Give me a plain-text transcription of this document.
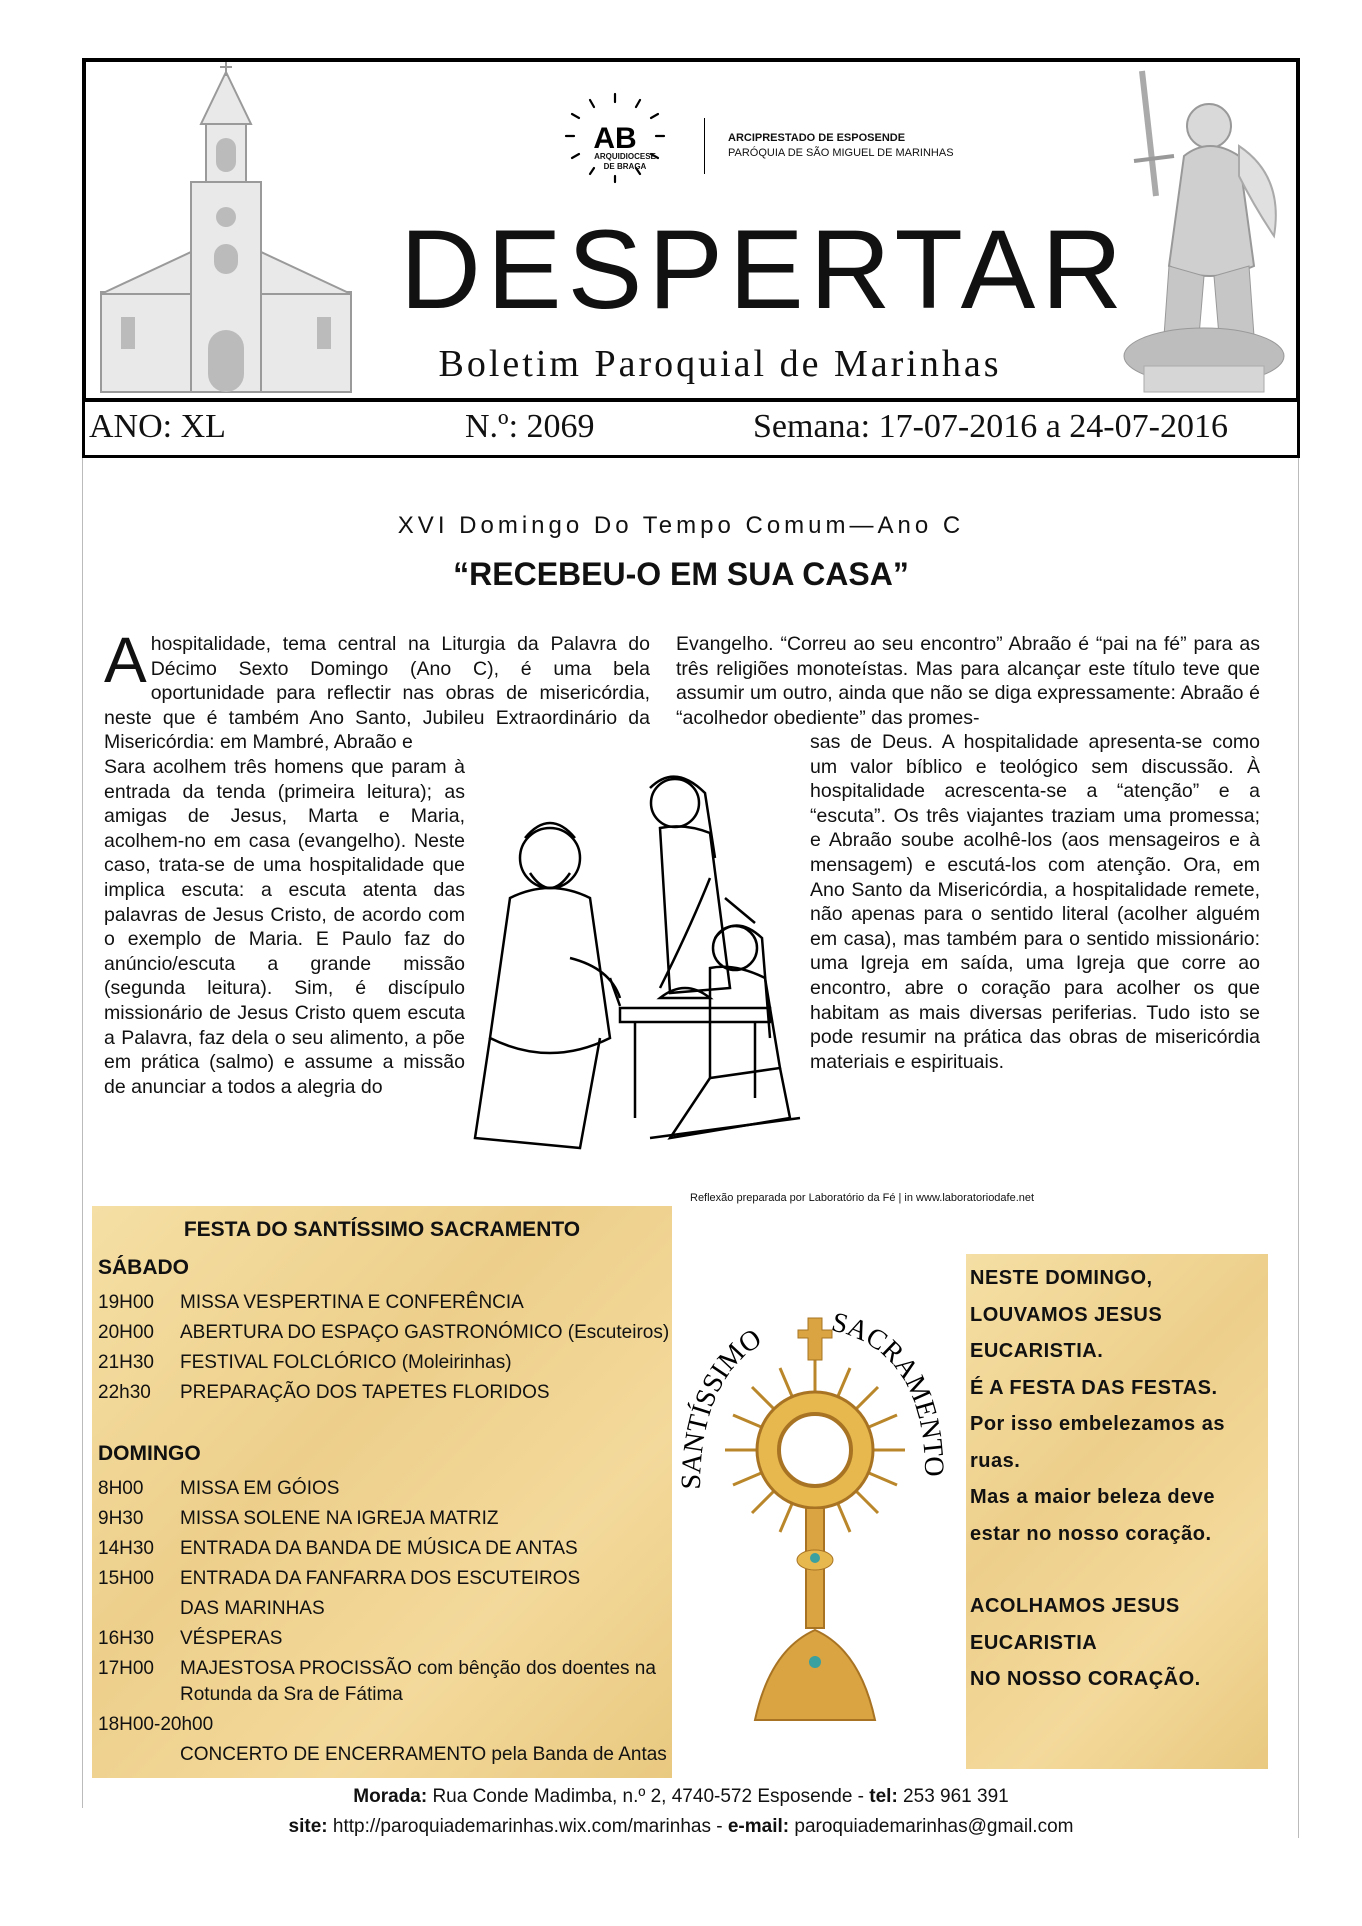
AB
ARQUIDIOCESE
DE BRAGA
ARCIPRESTADO DE ESPOSENDE
PARÓQUIA DE SÃO MIGUEL DE MARINHAS
DESPERTAR
Boletim Paroquial de Marinhas
ANO: XL	N.º: 2069	Semana: 17-07-2016 a 24-07-2016
XVI Domingo Do Tempo Comum—Ano C
“RECEBEU-O EM SUA CASA”

Ahospitalidade, tema central na Liturgia da Palavra do Décimo Sexto Domingo (Ano C), é uma bela oportunidade para reflectir nas obras de misericórdia, neste que é também Ano Santo, Jubileu Extraordinário da Misericórdia: em Mambré, Abraão e

Sara acolhem três homens que param à entrada da tenda (primeira leitura); as amigas de Jesus, Marta e Maria, acolhem-no em casa (evangelho). Neste caso, trata-se de uma hospitalidade que implica escuta: a escuta atenta das palavras de Jesus Cristo, de acordo com o exemplo de Maria. E Paulo faz do anúncio/escuta a grande missão (segunda leitura). Sim, é discípulo missionário de Jesus Cristo quem escuta a Palavra, faz dela o seu alimento, a põe em prática (salmo) e assume a missão de anunciar a todos a alegria do

Evangelho. “Correu ao seu encontro” Abraão é “pai na fé” para as três religiões monoteístas. Mas para alcançar este título teve que assumir um outro, ainda que não se diga expressamente: Abraão é “acolhedor obediente” das promes-

sas de Deus. A hospitalidade apresenta-se como um valor bíblico e teológico sem discussão. À hospitalidade acrescenta-se a “atenção” e a “escuta”. Os três viajantes traziam uma promessa; e Abraão soube acolhê-los (aos mensageiros e à mensagem) e escutá-los com atenção. Ora, em Ano Santo da Misericórdia, a hospitalidade remete, não apenas para o sentido literal (acolher alguém em casa), mas também para o sentido missionário: uma Igreja em saída, uma Igreja que corre ao encontro, abre o coração para acolher os que habitam as mais diversas periferias. Tudo isto se pode resumir na prática das obras de misericórdia materiais e espirituais.

Reflexão preparada por Laboratório da Fé | in www.laboratoriodafe.net
FESTA DO SANTÍSSIMO SACRAMENTO
SÁBADO
19H00 MISSA VESPERTINA E CONFERÊNCIA
20H00 ABERTURA DO ESPAÇO GASTRONÓMICO (Escuteiros)
21H30 FESTIVAL FOLCLÓRICO (Moleirinhas)
22h30 PREPARAÇÃO DOS TAPETES FLORIDOS
DOMINGO
8H00 MISSA EM GÓIOS
9H30 MISSA SOLENE NA IGREJA MATRIZ
14H30 ENTRADA DA BANDA DE MÚSICA DE ANTAS
15H00 ENTRADA DA FANFARRA DOS ESCUTEIROS
DAS MARINHAS
16H30 VÉSPERAS
17H00 MAJESTOSA PROCISSÃO com bênção dos doentes na
Rotunda da Sra de Fátima
18H00-20h00
CONCERTO DE ENCERRAMENTO pela Banda de Antas
SANTÍSSIMO SACRAMENTO
NESTE DOMINGO,
LOUVAMOS JESUS
EUCARISTIA.
É A FESTA DAS FESTAS.
Por isso embelezamos as
ruas.
Mas a maior beleza deve
estar no nosso coração.
ACOLHAMOS JESUS
EUCARISTIA
NO NOSSO CORAÇÃO.
Morada: Rua Conde Madimba, n.º 2, 4740-572 Esposende - tel: 253 961 391
site: http://paroquiademarinhas.wix.com/marinhas - e-mail: paroquiademarinhas@gmail.com
